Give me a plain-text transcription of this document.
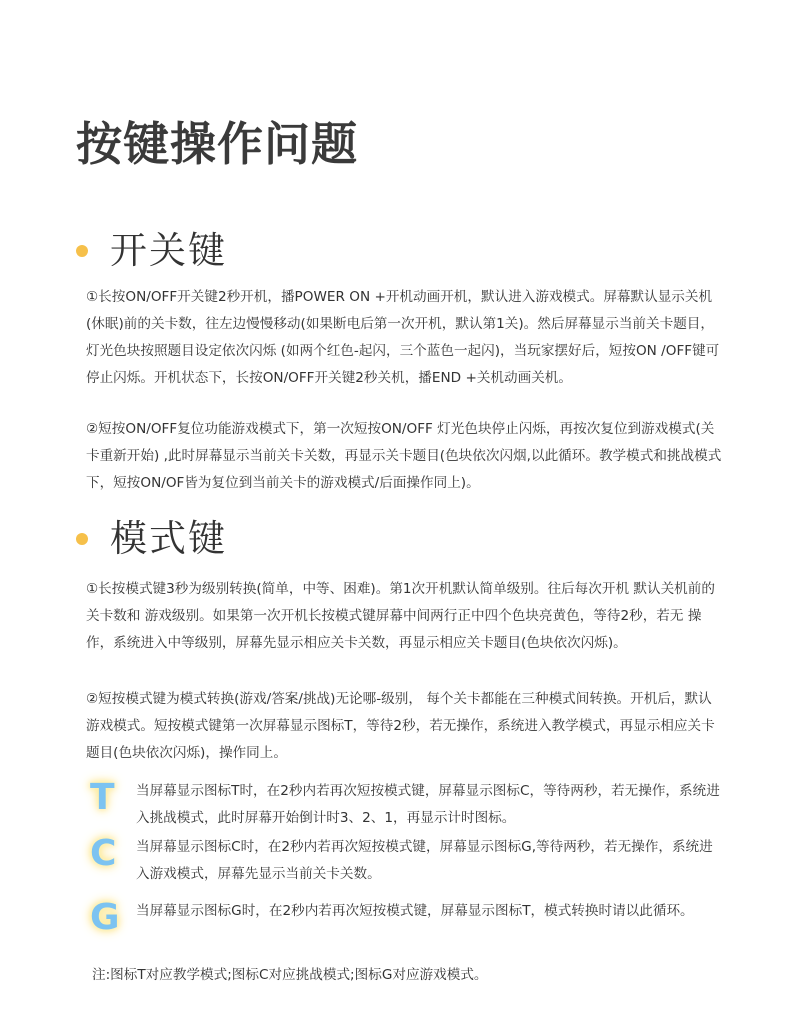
按键操作问题
开关键

①长按ON/OFF开关键2秒开机，播POWER ON +开机动画开机，默认进入游戏模式。屏幕默认显示关机(休眠)前的关卡数，往左边慢慢移动(如果断电后第一次开机，默认第1关)。然后屏幕显示当前关卡题目，灯光色块按照题目设定依次闪烁 (如两个红色-起闪，三个蓝色一起闪)，当玩家摆好后，短按ON /OFF键可停止闪烁。开机状态下，长按ON/OFF开关键2秒关机，播END +关机动画关机。

②短按ON/OFF复位功能游戏模式下，第一次短按ON/OFF 灯光色块停止闪烁，再按次复位到游戏模式(关卡重新开始) ,此时屏幕显示当前关卡关数，再显示关卡题目(色块依次闪烟,以此循环。教学模式和挑战模式下，短按ON/OF皆为复位到当前关卡的游戏模式/后面操作同上)。

模式键

①长按模式键3秒为级别转换(简单，中等、困难)。第1次开机默认简单级别。往后每次开机 默认关机前的关卡数和 游戏级别。如果第一次开机长按模式键屏幕中间两行正中四个色块亮黄色，等待2秒，若无 操作，系统进入中等级别，屏幕先显示相应关卡关数，再显示相应关卡题目(色块依次闪烁)。

②短按模式键为模式转换(游戏/答案/挑战)无论哪-级别， 每个关卡都能在三种模式间转换。开机后，默认游戏模式。短按模式键第一次屏幕显示图标T，等待2秒，若无操作，系统进入教学模式，再显示相应关卡题目(色块依次闪烁)，操作同上。

T	当屏幕显示图标T时，在2秒内若再次短按模式键，屏幕显示图标C，等待两秒，若无操作，系统进入挑战模式，此时屏幕开始倒计时3、2、1，再显示计时图标。

C	当屏幕显示图标C时，在2秒内若再次短按模式键，屏幕显示图标G,等待两秒，若无操作，系统进入游戏模式，屏幕先显示当前关卡关数。

G	当屏幕显示图标G时，在2秒内若再次短按模式键，屏幕显示图标T，模式转换时请以此循环。

注:图标T对应教学模式;图标C对应挑战模式;图标G对应游戏模式。
